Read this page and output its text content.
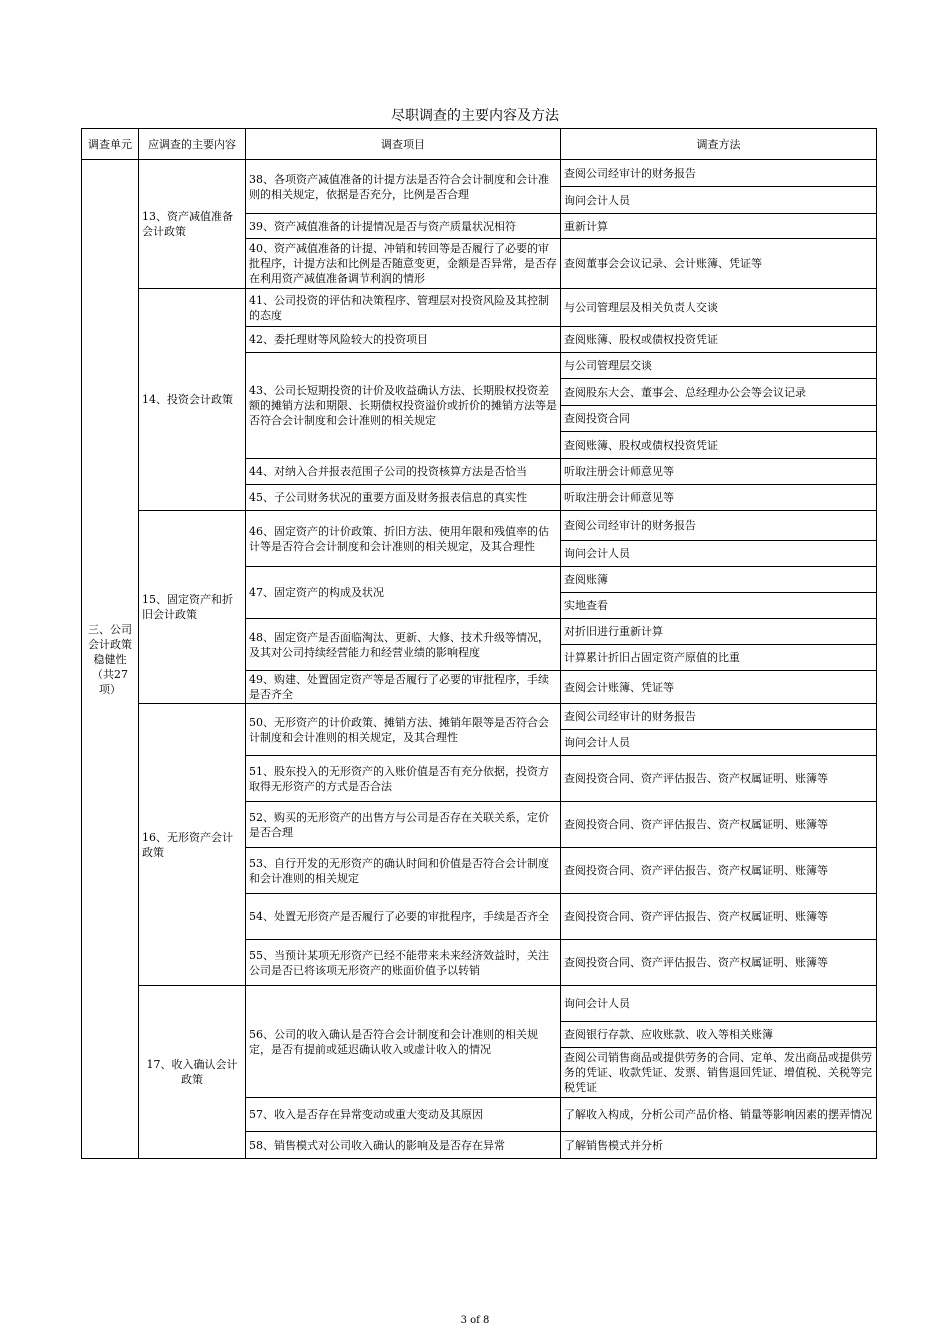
尽职调查的主要内容及方法
调查单元	应调查的主要内容	调查项目	调查方法
三、公司会计政策稳健性（共27项）	13、资产减值准备会计政策	38、各项资产减值准备的计提方法是否符合会计制度和会计准则的相关规定，依据是否充分，比例是否合理	查阅公司经审计的财务报告
			询问会计人员
		39、资产减值准备的计提情况是否与资产质量状况相符	重新计算
		40、资产减值准备的计提、冲销和转回等是否履行了必要的审批程序，计提方法和比例是否随意变更，金额是否异常，是否存在利用资产减值准备调节利润的情形	查阅董事会会议记录、会计账簿、凭证等
	14、投资会计政策	41、公司投资的评估和决策程序、管理层对投资风险及其控制的态度	与公司管理层及相关负责人交谈
		42、委托理财等风险较大的投资项目	查阅账簿、股权或债权投资凭证
		43、公司长短期投资的计价及收益确认方法、长期股权投资差额的摊销方法和期限、长期债权投资溢价或折价的摊销方法等是否符合会计制度和会计准则的相关规定	与公司管理层交谈
			查阅股东大会、董事会、总经理办公会等会议记录
			查阅投资合同
			查阅账簿、股权或债权投资凭证
		44、对纳入合并报表范围子公司的投资核算方法是否恰当	听取注册会计师意见等
		45、子公司财务状况的重要方面及财务报表信息的真实性	听取注册会计师意见等
	15、固定资产和折旧会计政策	46、固定资产的计价政策、折旧方法、使用年限和残值率的估计等是否符合会计制度和会计准则的相关规定，及其合理性	查阅公司经审计的财务报告
			询问会计人员
		47、固定资产的构成及状况	查阅账簿
			实地查看
		48、固定资产是否面临淘汰、更新、大修、技术升级等情况，及其对公司持续经营能力和经营业绩的影响程度	对折旧进行重新计算
			计算累计折旧占固定资产原值的比重
		49、购建、处置固定资产等是否履行了必要的审批程序，手续是否齐全	查阅会计账簿、凭证等
	16、无形资产会计政策	50、无形资产的计价政策、摊销方法、摊销年限等是否符合会计制度和会计准则的相关规定，及其合理性	查阅公司经审计的财务报告
			询问会计人员
		51、股东投入的无形资产的入账价值是否有充分依据，投资方取得无形资产的方式是否合法	查阅投资合同、资产评估报告、资产权属证明、账簿等
		52、购买的无形资产的出售方与公司是否存在关联关系，定价是否合理	查阅投资合同、资产评估报告、资产权属证明、账簿等
		53、自行开发的无形资产的确认时间和价值是否符合会计制度和会计准则的相关规定	查阅投资合同、资产评估报告、资产权属证明、账簿等
		54、处置无形资产是否履行了必要的审批程序，手续是否齐全	查阅投资合同、资产评估报告、资产权属证明、账簿等
		55、当预计某项无形资产已经不能带来未来经济效益时，关注公司是否已将该项无形资产的账面价值予以转销	查阅投资合同、资产评估报告、资产权属证明、账簿等
	17、收入确认会计政策	56、公司的收入确认是否符合会计制度和会计准则的相关规定，是否有提前或延迟确认收入或虚计收入的情况	询问会计人员
			查阅银行存款、应收账款、收入等相关账簿
			查阅公司销售商品或提供劳务的合同、定单、发出商品或提供劳务的凭证、收款凭证、发票、销售退回凭证、增值税、关税等完税凭证
		57、收入是否存在异常变动或重大变动及其原因	了解收入构成，分析公司产品价格、销量等影响因素的摆弄情况
		58、销售模式对公司收入确认的影响及是否存在异常	了解销售模式并分析
3 of 8
